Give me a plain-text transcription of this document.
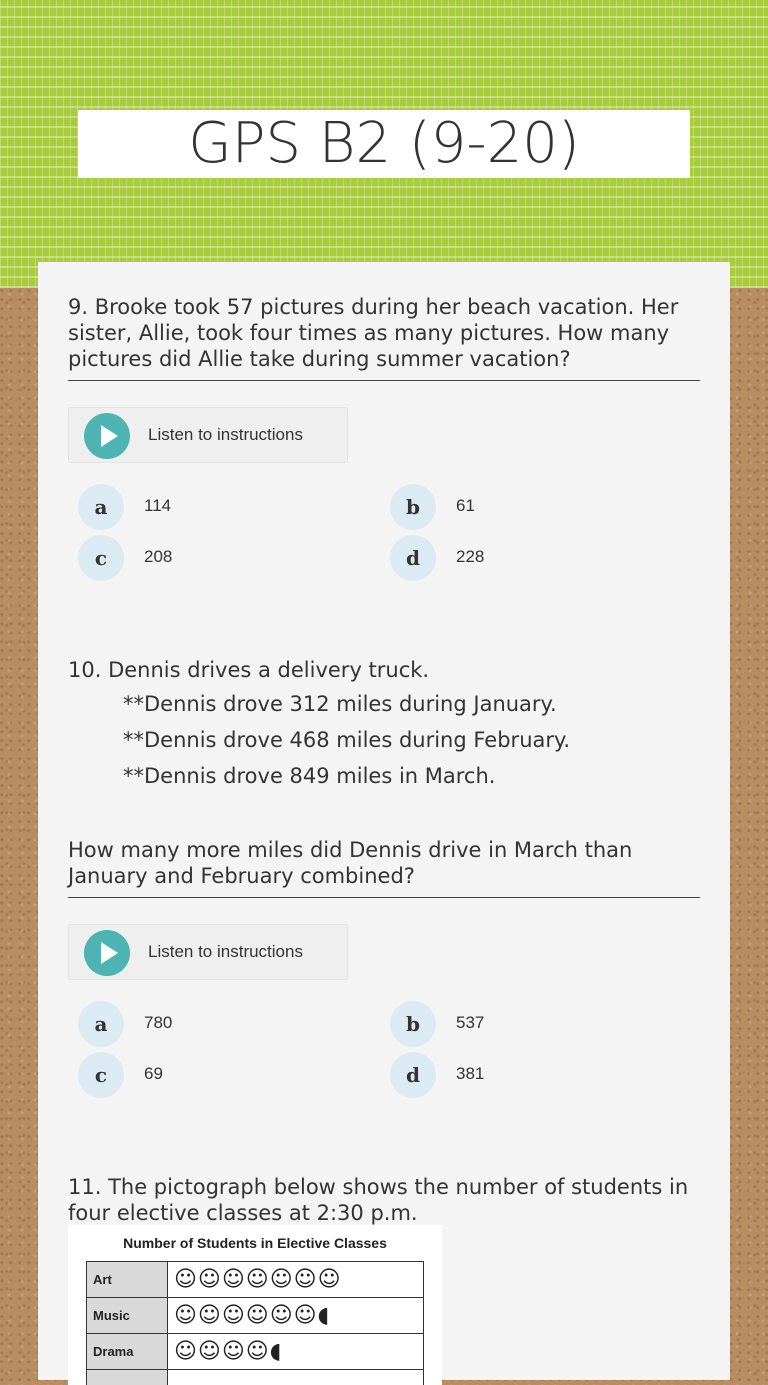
GPS B2 (9-20)
9. Brooke took 57 pictures during her beach vacation. Her sister, Allie, took four times as many pictures. How many pictures did Allie take during summer vacation?
Listen to instructions
a	114	b	61
c	208	d	228
10. Dennis drives a delivery truck.
**Dennis drove 312 miles during January.
**Dennis drove 468 miles during February.
**Dennis drove 849 miles in March.
How many more miles did Dennis drive in March than January and February combined?
Listen to instructions
a	780	b	537
c	69	d	381
11. The pictograph below shows the number of students in four elective classes at 2:30 p.m.
Number of Students in Elective Classes
Art	☺☺☺☺☺☺☺
Music	☺☺☺☺☺☺◖
Drama	☺☺☺☺◖
